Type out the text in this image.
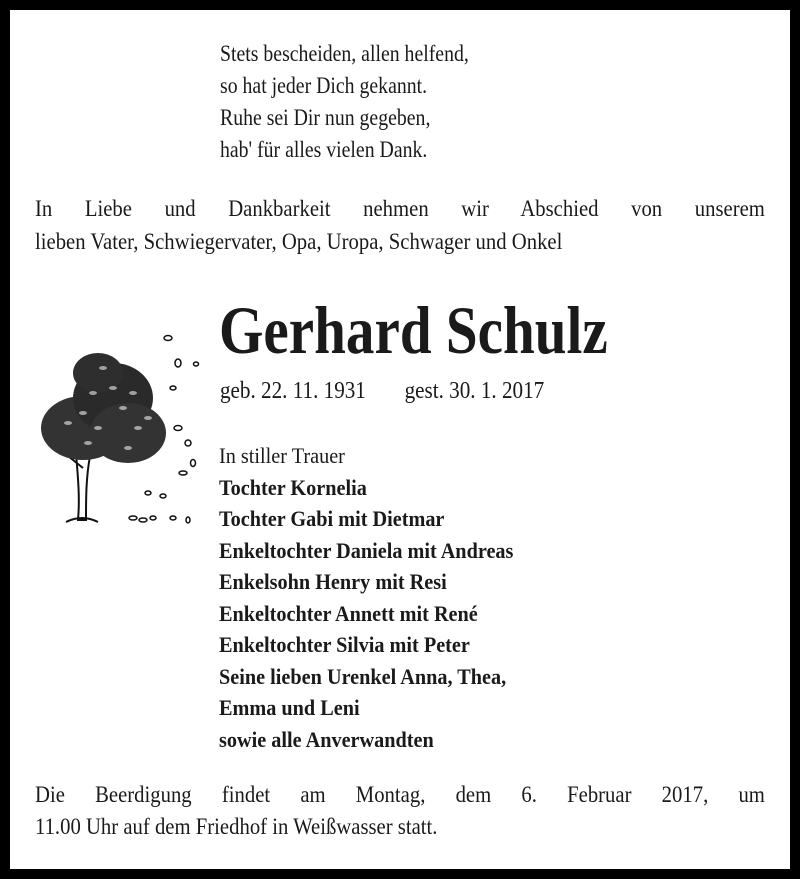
Stets bescheiden, allen helfend,
so hat jeder Dich gekannt.
Ruhe sei Dir nun gegeben,
hab' für alles vielen Dank.
In Liebe und Dankbarkeit nehmen wir Abschied von unserem
lieben Vater, Schwiegervater, Opa, Uropa, Schwager und Onkel
Gerhard Schulz
geb. 22. 11. 1931 gest. 30. 1. 2017
In stiller Trauer
Tochter Kornelia
Tochter Gabi mit Dietmar
Enkeltochter Daniela mit Andreas
Enkelsohn Henry mit Resi
Enkeltochter Annett mit René
Enkeltochter Silvia mit Peter
Seine lieben Urenkel Anna, Thea,
Emma und Leni
sowie alle Anverwandten
Die Beerdigung findet am Montag, dem 6. Februar 2017, um
11.00 Uhr auf dem Friedhof in Weißwasser statt.
